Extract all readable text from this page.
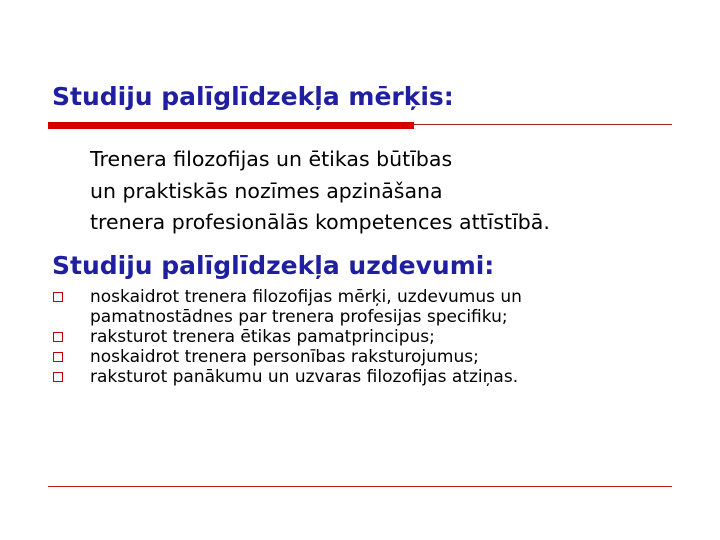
Studiju palīglīdzekļa mērķis:
Trenera filozofijas un ētikas būtības
un praktiskās nozīmes apzināšana
trenera profesionālās kompetences attīstībā.
Studiju palīglīdzekļa uzdevumi:
noskaidrot trenera filozofijas mērķi, uzdevumus un
pamatnostādnes par trenera profesijas specifiku;
raksturot trenera ētikas pamatprincipus;
noskaidrot trenera personības raksturojumus;
raksturot panākumu un uzvaras filozofijas atziņas.
